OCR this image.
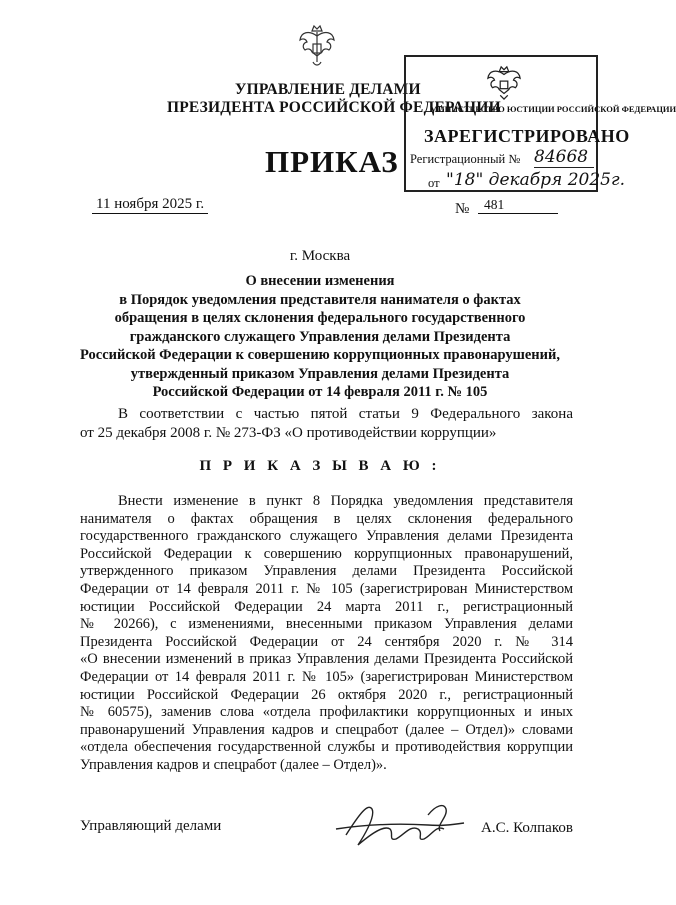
УПРАВЛЕНИЕ ДЕЛАМИ
ПРЕЗИДЕНТА РОССИЙСКОЙ ФЕДЕРАЦИИ
ПРИКАЗ
МИНИСТЕРСТВО ЮСТИЦИИ РОССИЙСКОЙ ФЕДЕРАЦИИ
ЗАРЕГИСТРИРОВАНО
Регистрационный № 84668
от "18" декабря 2025г.
11 ноября 2025 г.	№	481
г. Москва
О внесении изменения
в Порядок уведомления представителя нанимателя о фактах
обращения в целях склонения федерального государственного
гражданского служащего Управления делами Президента
Российской Федерации к совершению коррупционных правонарушений,
утвержденный приказом Управления делами Президента
Российской Федерации от 14 февраля 2011 г. № 105
В соответствии с частью пятой статьи 9 Федерального закона
от 25 декабря 2008 г. № 273-ФЗ «О противодействии коррупции»
П Р И К А З Ы В А Ю :
Внести изменение в пункт 8 Порядка уведомления представителя
нанимателя о фактах обращения в целях склонения федерального
государственного гражданского служащего Управления делами Президента
Российской Федерации к совершению коррупционных правонарушений,
утвержденного приказом Управления делами Президента Российской
Федерации от 14 февраля 2011 г. № 105 (зарегистрирован Министерством
юстиции Российской Федерации 24 марта 2011 г., регистрационный
№ 20266), с изменениями, внесенными приказом Управления делами
Президента Российской Федерации от 24 сентября 2020 г. № 314
«О внесении изменений в приказ Управления делами Президента Российской
Федерации от 14 февраля 2011 г. № 105» (зарегистрирован Министерством
юстиции Российской Федерации 26 октября 2020 г., регистрационный
№ 60575), заменив слова «отдела профилактики коррупционных и иных
правонарушений Управления кадров и спецработ (далее – Отдел)» словами
«отдела обеспечения государственной службы и противодействия коррупции
Управления кадров и спецработ (далее – Отдел)».
Управляющий делами	А.С. Колпаков
